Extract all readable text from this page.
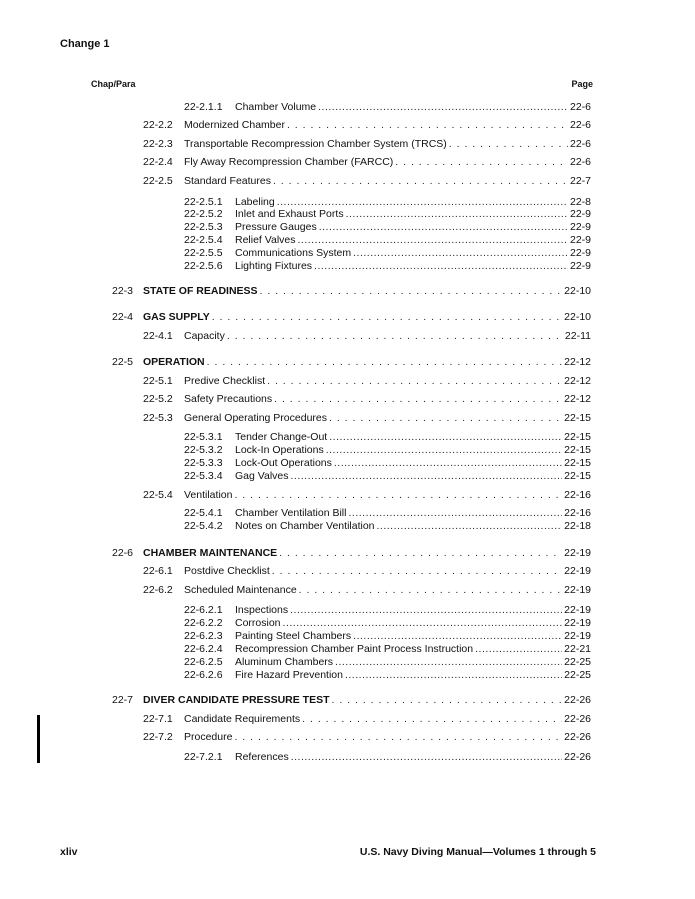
Change 1
Chap/Para	Page
22-2.1.1 Chamber Volume .....	22-6
22-2.2 Modernized Chamber . . .	22-6
22-2.3 Transportable Recompression Chamber System (TRCS) . . .	22-6
22-2.4 Fly Away Recompression Chamber (FARCC) . . .	22-6
22-2.5 Standard Features . . .	22-7
22-2.5.1 Labeling .....	22-8
22-2.5.2 Inlet and Exhaust Ports .....	22-9
22-2.5.3 Pressure Gauges .....	22-9
22-2.5.4 Relief Valves .....	22-9
22-2.5.5 Communications System .....	22-9
22-2.5.6 Lighting Fixtures .....	22-9
22-3 STATE OF READINESS . . .	22-10
22-4 GAS SUPPLY . . .	22-10
22-4.1 Capacity . . .	22-11
22-5 OPERATION . . .	22-12
22-5.1 Predive Checklist . . .	22-12
22-5.2 Safety Precautions . . .	22-12
22-5.3 General Operating Procedures . . .	22-15
22-5.3.1 Tender Change-Out .....	22-15
22-5.3.2 Lock-In Operations .....	22-15
22-5.3.3 Lock-Out Operations .....	22-15
22-5.3.4 Gag Valves .....	22-15
22-5.4 Ventilation . . .	22-16
22-5.4.1 Chamber Ventilation Bill .....	22-16
22-5.4.2 Notes on Chamber Ventilation .....	22-18
22-6 CHAMBER MAINTENANCE . . .	22-19
22-6.1 Postdive Checklist . . .	22-19
22-6.2 Scheduled Maintenance . . .	22-19
22-6.2.1 Inspections .....	22-19
22-6.2.2 Corrosion .....	22-19
22-6.2.3 Painting Steel Chambers .....	22-19
22-6.2.4 Recompression Chamber Paint Process Instruction .....	22-21
22-6.2.5 Aluminum Chambers .....	22-25
22-6.2.6 Fire Hazard Prevention .....	22-25
22-7 DIVER CANDIDATE PRESSURE TEST . . .	22-26
22-7.1 Candidate Requirements . . .	22-26
22-7.2 Procedure . . .	22-26
22-7.2.1 References .....	22-26
xliv	U.S. Navy Diving Manual—Volumes 1 through 5
